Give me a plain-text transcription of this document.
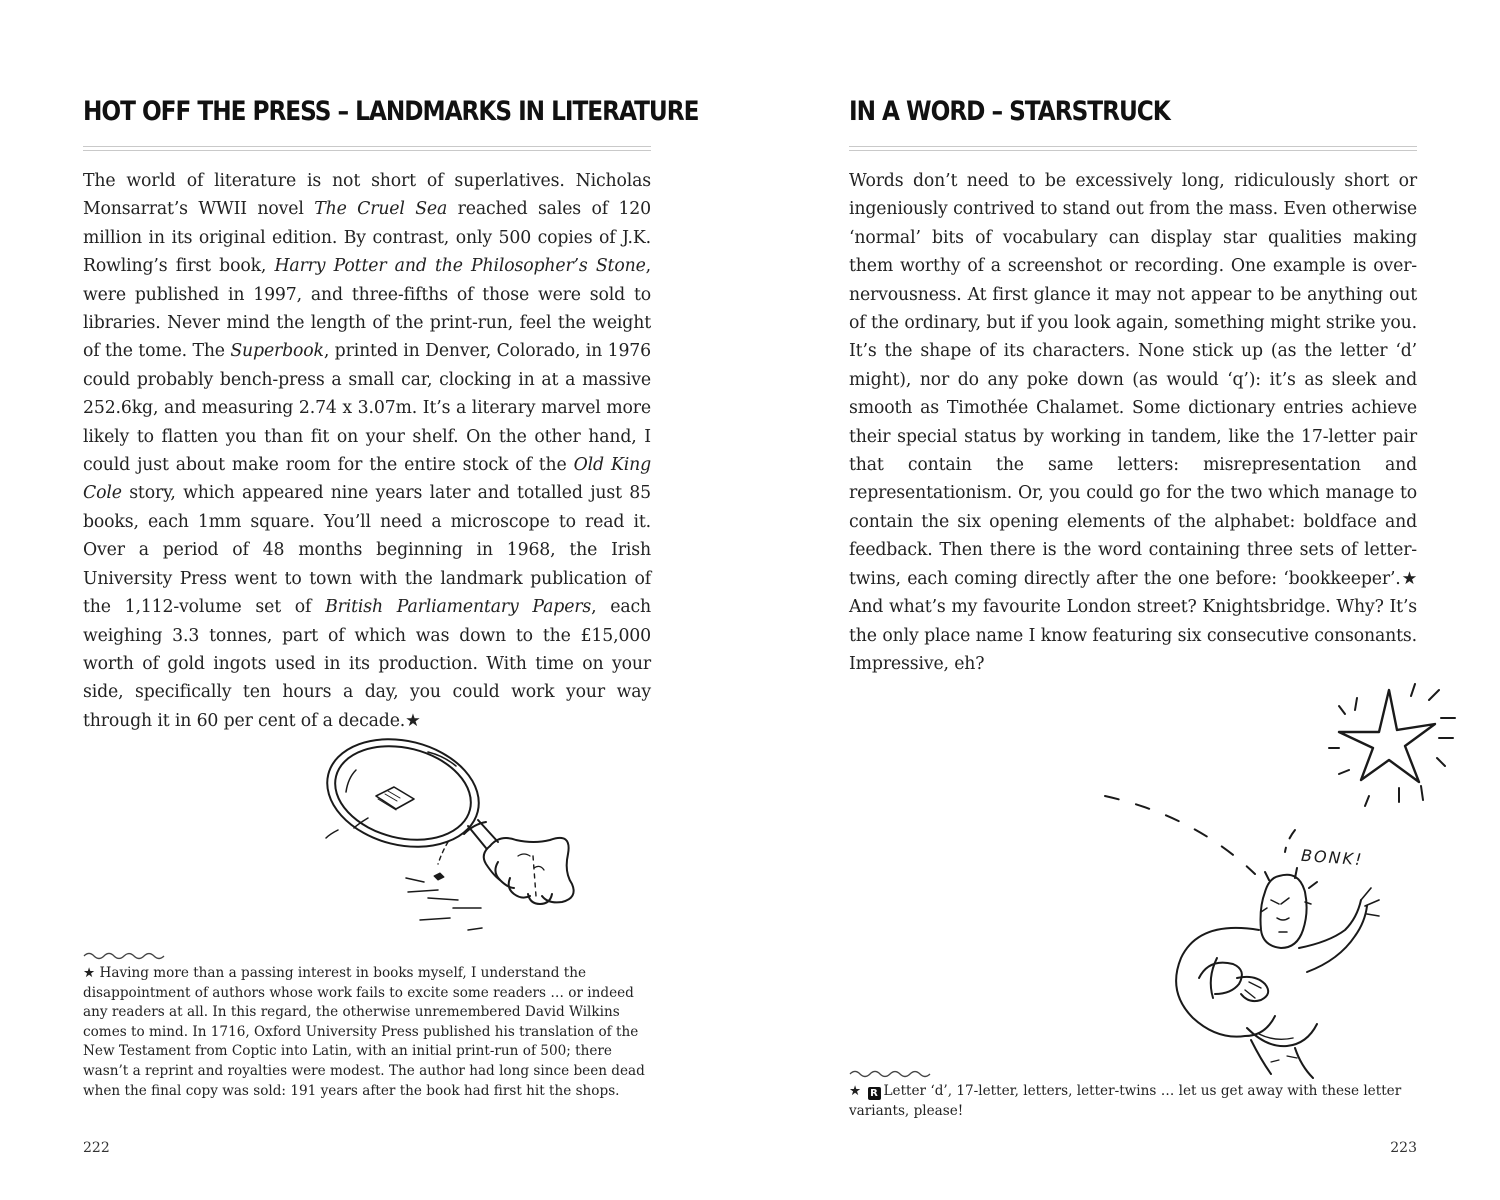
HOT OFF THE PRESS – LANDMARKS IN LITERATURE

The world of literature is not short of superlatives. Nicholas Monsarrat’s WWII novel The Cruel Sea reached sales of 120 million in its original edition. By contrast, only 500 copies of J.K. Rowling’s first book, Harry Potter and the Philosopher’s Stone, were published in 1997, and three-fifths of those were sold to libraries. Never mind the length of the print-run, feel the weight of the tome. The Superbook, printed in Denver, Colorado, in 1976 could probably bench-press a small car, clocking in at a massive 252.6kg, and measuring 2.74 x 3.07m. It’s a literary marvel more likely to flatten you than fit on your shelf. On the other hand, I could just about make room for the entire stock of the Old King Cole story, which appeared nine years later and totalled just 85 books, each 1mm square. You’ll need a microscope to read it. Over a period of 48 months beginning in 1968, the Irish University Press went to town with the landmark publication of the 1,112-volume set of British Parliamentary Papers, each weighing 3.3 tonnes, part of which was down to the £15,000 worth of gold ingots used in its production. With time on your side, specifically ten hours a day, you could work your way through it in 60 per cent of a decade.★

★ Having more than a passing interest in books myself, I understand the disappointment of authors whose work fails to excite some readers … or indeed any readers at all. In this regard, the otherwise unremembered David Wilkins comes to mind. In 1716, Oxford University Press published his translation of the New Testament from Coptic into Latin, with an initial print-run of 500; there wasn’t a reprint and royalties were modest. The author had long since been dead when the final copy was sold: 191 years after the book had first hit the shops.

222
IN A WORD – STARSTRUCK

Words don’t need to be excessively long, ridiculously short or ingeniously contrived to stand out from the mass. Even otherwise ‘normal’ bits of vocabulary can display star qualities making them worthy of a screenshot or recording. One example is over-nervousness. At first glance it may not appear to be anything out of the ordinary, but if you look again, something might strike you. It’s the shape of its characters. None stick up (as the letter ‘d’ might), nor do any poke down (as would ‘q’): it’s as sleek and smooth as Timothée Chalamet. Some dictionary entries achieve their special status by working in tandem, like the 17-letter pair that contain the same letters: misrepresentation and representationism. Or, you could go for the two which manage to contain the six opening elements of the alphabet: boldface and feedback. Then there is the word containing three sets of letter-twins, each coming directly after the one before: ‘bookkeeper’.★ And what’s my favourite London street? Knightsbridge. Why? It’s the only place name I know featuring six consecutive consonants. Impressive, eh?

BONK!

★ R Letter ‘d’, 17-letter, letters, letter-twins … let us get away with these letter variants, please!

223
